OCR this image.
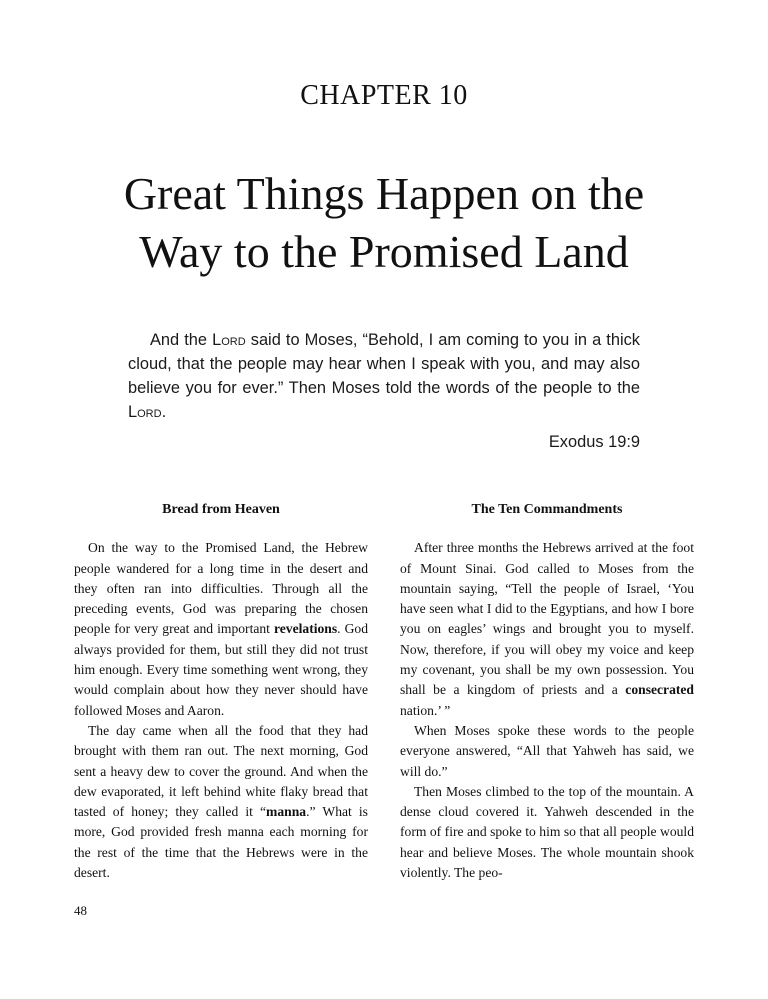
CHAPTER 10
Great Things Happen on the
Way to the Promised Land

And the Lord said to Moses, “Behold, I am coming to you in a thick cloud, that the people may hear when I speak with you, and may also believe you for ever.” Then Moses told the words of the people to the Lord.

Exodus 19:9
Bread from Heaven

On the way to the Promised Land, the Hebrew people wandered for a long time in the desert and they often ran into difficulties. Through all the preceding events, God was preparing the chosen people for very great and important revelations. God always provided for them, but still they did not trust him enough. Every time something went wrong, they would complain about how they never should have followed Moses and Aaron.

The day came when all the food that they had brought with them ran out. The next morning, God sent a heavy dew to cover the ground. And when the dew evaporated, it left behind white flaky bread that tasted of honey; they called it “manna.” What is more, God provided fresh manna each morning for the rest of the time that the Hebrews were in the desert.

The Ten Commandments

After three months the Hebrews arrived at the foot of Mount Sinai. God called to Moses from the mountain saying, “Tell the people of Israel, ‘You have seen what I did to the Egyptians, and how I bore you on eagles’ wings and brought you to myself. Now, therefore, if you will obey my voice and keep my covenant, you shall be my own possession. You shall be a kingdom of priests and a consecrated nation.’ ”

When Moses spoke these words to the people everyone answered, “All that Yahweh has said, we will do.”

Then Moses climbed to the top of the mountain. A dense cloud covered it. Yahweh descended in the form of fire and spoke to him so that all people would hear and believe Moses. The whole mountain shook violently. The peo-

48
